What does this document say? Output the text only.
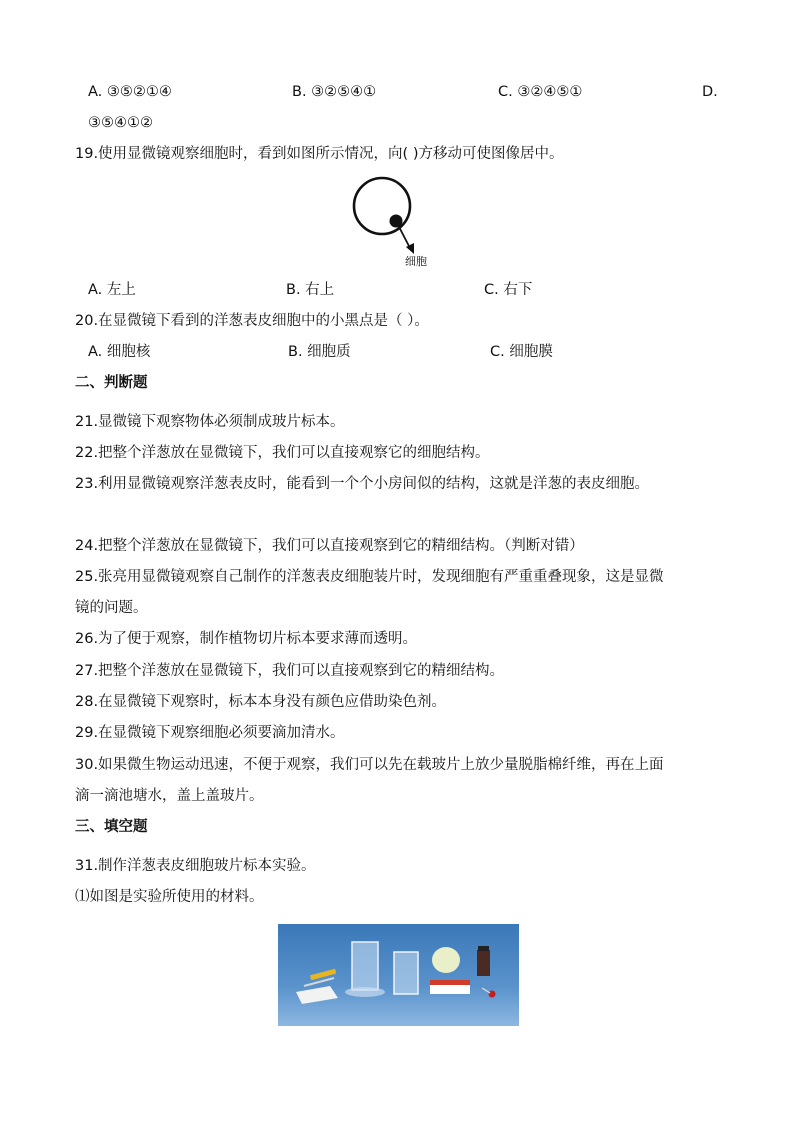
A. ③⑤②①④	B. ③②⑤④①	C. ③②④⑤①	D.
③⑤④①②
19.使用显微镜观察细胞时，看到如图所示情况，向( )方移动可使图像居中。
细胞
A. 左上	B. 右上	C. 右下
20.在显微镜下看到的洋葱表皮细胞中的小黑点是（ ）。
A. 细胞核	B. 细胞质	C. 细胞膜
二、判断题
21.显微镜下观察物体必须制成玻片标本。
22.把整个洋葱放在显微镜下，我们可以直接观察它的细胞结构。
23.利用显微镜观察洋葱表皮时，能看到一个个小房间似的结构，这就是洋葱的表皮细胞。
24.把整个洋葱放在显微镜下，我们可以直接观察到它的精细结构。（判断对错）
25.张亮用显微镜观察自己制作的洋葱表皮细胞装片时，发现细胞有严重重叠现象，这是显微
镜的问题。
26.为了便于观察，制作植物切片标本要求薄而透明。
27.把整个洋葱放在显微镜下，我们可以直接观察到它的精细结构。
28.在显微镜下观察时，标本本身没有颜色应借助染色剂。
29.在显微镜下观察细胞必须要滴加清水。
30.如果微生物运动迅速，不便于观察，我们可以先在载玻片上放少量脱脂棉纤维，再在上面
滴一滴池塘水，盖上盖玻片。
三、填空题
31.制作洋葱表皮细胞玻片标本实验。
⑴如图是实验所使用的材料。
